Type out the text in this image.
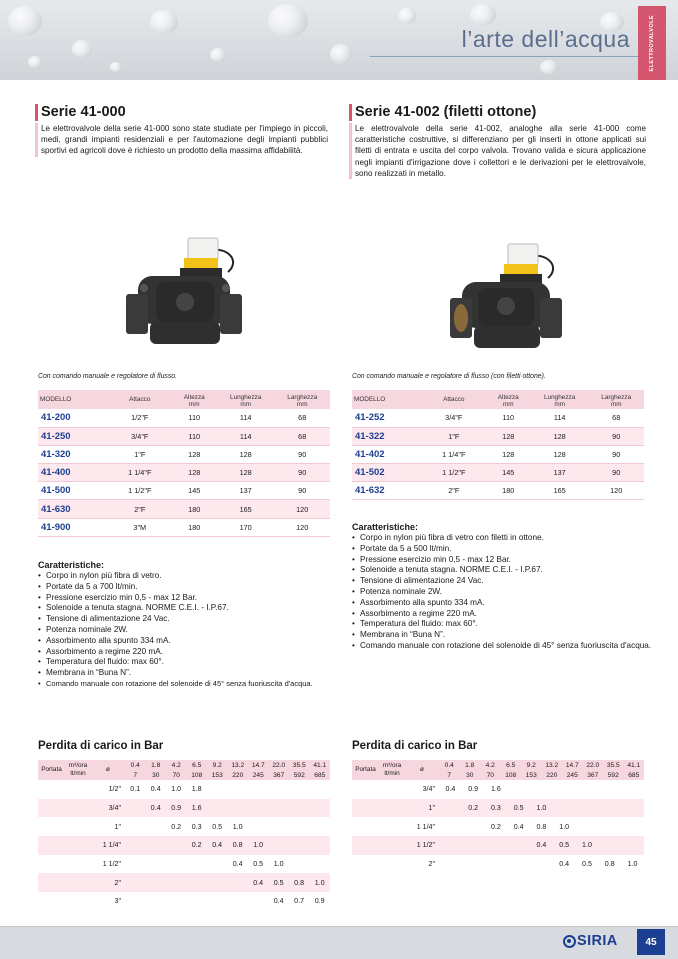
l’arte dell’acqua	ELETTROVALVOLE
Serie 41-000
Le elettrovalvole della serie 41-000 sono state studiate per l'impiego in piccoli, medi, grandi impianti residenziali e per l'automazione degli impianti pubblici sportivi ed agricoli dove è richiesto un prodotto della massima affidabilità.
Con comando manuale e regolatore di flusso.
MODELLO	Attacco	Altezza	Lunghezza	Larghezza
		mm	mm	mm
41-200	1/2"F	110	114	68
41-250	3/4"F	110	114	68
41-320	1"F	128	128	90
41-400	1 1/4"F	128	128	90
41-500	1 1/2"F	145	137	90
41-630	2"F	180	165	120
41-900	3"M	180	170	120
Caratteristiche:
• Corpo in nylon più fibra di vetro.
• Portate da 5 a 700 lt/min.
• Pressione esercizio min 0,5 - max 12 Bar.
• Solenoide a tenuta stagna. NORME C.E.I. - I.P.67.
• Tensione di alimentazione 24 Vac.
• Potenza nominale 2W.
• Assorbimento alla spunto 334 mA.
• Assorbimento a regime 220 mA.
• Temperatura del fluido: max 60°.
• Membrana in “Buna N”.
• Comando manuale con rotazione del solenoide di 45° senza fuoriuscita d'acqua.
Perdita di carico in Bar
Portata	m³/ora
lt/min	ø	
0.4	1.8	4.2	6.5	9.2	13.2	14.7	22.0	35.5	41.1
7	30	70	108	153	220	245	367	592	685

	1/2"	0.1	0.4	1.0	1.8						
	3/4"		0.4	0.9	1.6						
	1"			0.2	0.3	0.5	1.0				
	1 1/4"				0.2	0.4	0.8	1.0			
	1 1/2"						0.4	0.5	1.0		
	2"							0.4	0.5	0.8	1.0
	3"								0.4	0.7	0.9
Serie 41-002 (filetti ottone)
Le elettrovalvole della serie 41-002, analoghe alla serie 41-000 come caratteristiche costruttive, si differenziano per gli inserti in ottone applicati sui filetti di entrata e uscita del corpo valvola. Trovano valida e sicura applicazione negli impianti d'irrigazione dove i collettori e le derivazioni per le elettrovalvole, sono realizzati in metallo.
Con comando manuale e regolatore di flusso (con filetti ottone).
MODELLO	Attacco	Altezza	Lunghezza	Larghezza
		mm	mm	mm
41-252	3/4"F	110	114	68
41-322	1"F	128	128	90
41-402	1 1/4"F	128	128	90
41-502	1 1/2"F	145	137	90
41-632	2"F	180	165	120
Caratteristiche:
• Corpo in nylon più fibra di vetro con filetti in ottone.
• Portate da 5 a 500 lt/min.
• Pressione esercizio min 0,5 - max 12 Bar.
• Solenoide a tenuta stagna. NORME C.E.I. - I.P.67.
• Tensione di alimentazione 24 Vac.
• Potenza nominale 2W.
• Assorbimento alla spunto 334 mA.
• Assorbimento a regime 220 mA.
• Temperatura del fluido: max 60°.
• Membrana in “Buna N”.
• Comando manuale con rotazione del solenoide di 45° senza fuoriuscita d'acqua.
Perdita di carico in Bar
Portata	m³/ora
lt/min	ø	
0.4	1.8	4.2	6.5	9.2	13.2	14.7	22.0	35.5	41.1
7	30	70	108	153	220	245	367	592	685

	3/4"		0.4	0.9	1.6						
	1"			0.2	0.3	0.5	1.0				
	1 1/4"				0.2	0.4	0.8	1.0			
	1 1/2"						0.4	0.5	1.0		
	2"							0.4	0.5	0.8	1.0
SIRIA	45
